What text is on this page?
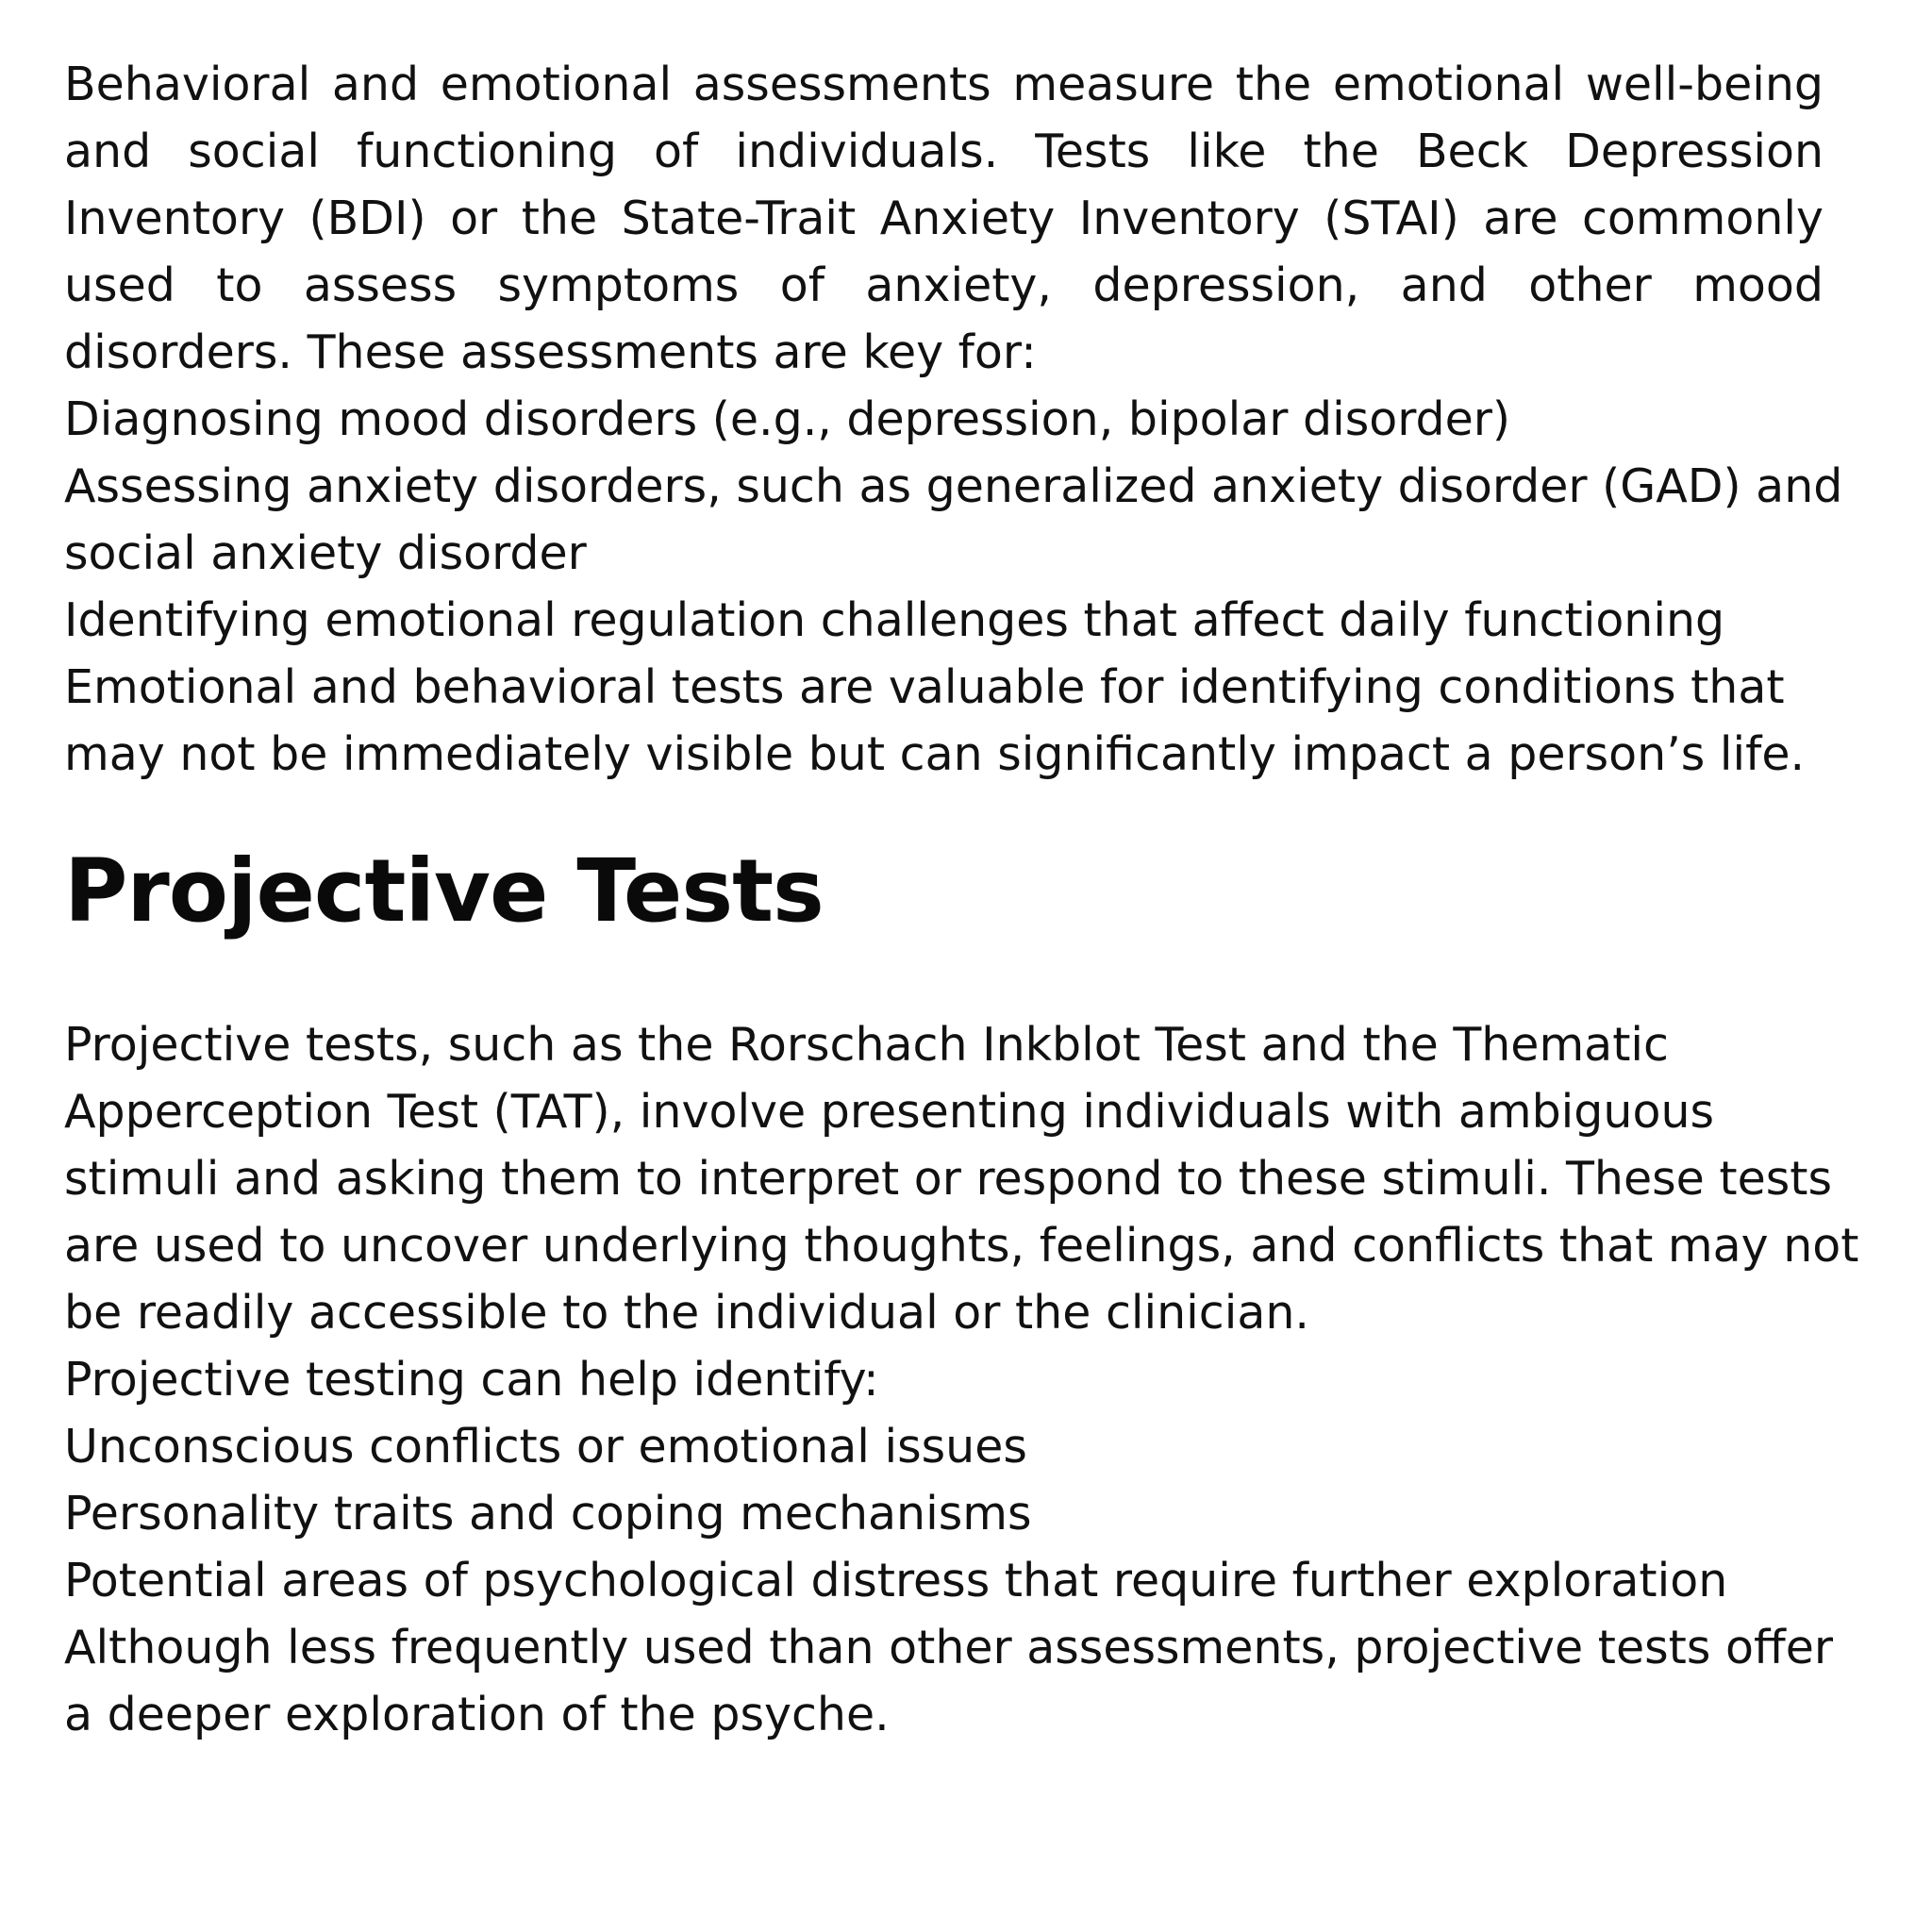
Behavioral and emotional assessments measure the emotional well-being

and social functioning of individuals. Tests like the Beck Depression

Inventory (BDI) or the State-Trait Anxiety Inventory (STAI) are commonly

used to assess symptoms of anxiety, depression, and other mood

disorders. These assessments are key for:

Diagnosing mood disorders (e.g., depression, bipolar disorder)

Assessing anxiety disorders, such as generalized anxiety disorder (GAD) and

social anxiety disorder

Identifying emotional regulation challenges that affect daily functioning

Emotional and behavioral tests are valuable for identifying conditions that

may not be immediately visible but can significantly impact a person’s life.

Projective Tests

Projective tests, such as the Rorschach Inkblot Test and the Thematic

Apperception Test (TAT), involve presenting individuals with ambiguous

stimuli and asking them to interpret or respond to these stimuli. These tests

are used to uncover underlying thoughts, feelings, and conflicts that may not

be readily accessible to the individual or the clinician.

Projective testing can help identify:

Unconscious conflicts or emotional issues

Personality traits and coping mechanisms

Potential areas of psychological distress that require further exploration

Although less frequently used than other assessments, projective tests offer

a deeper exploration of the psyche.
